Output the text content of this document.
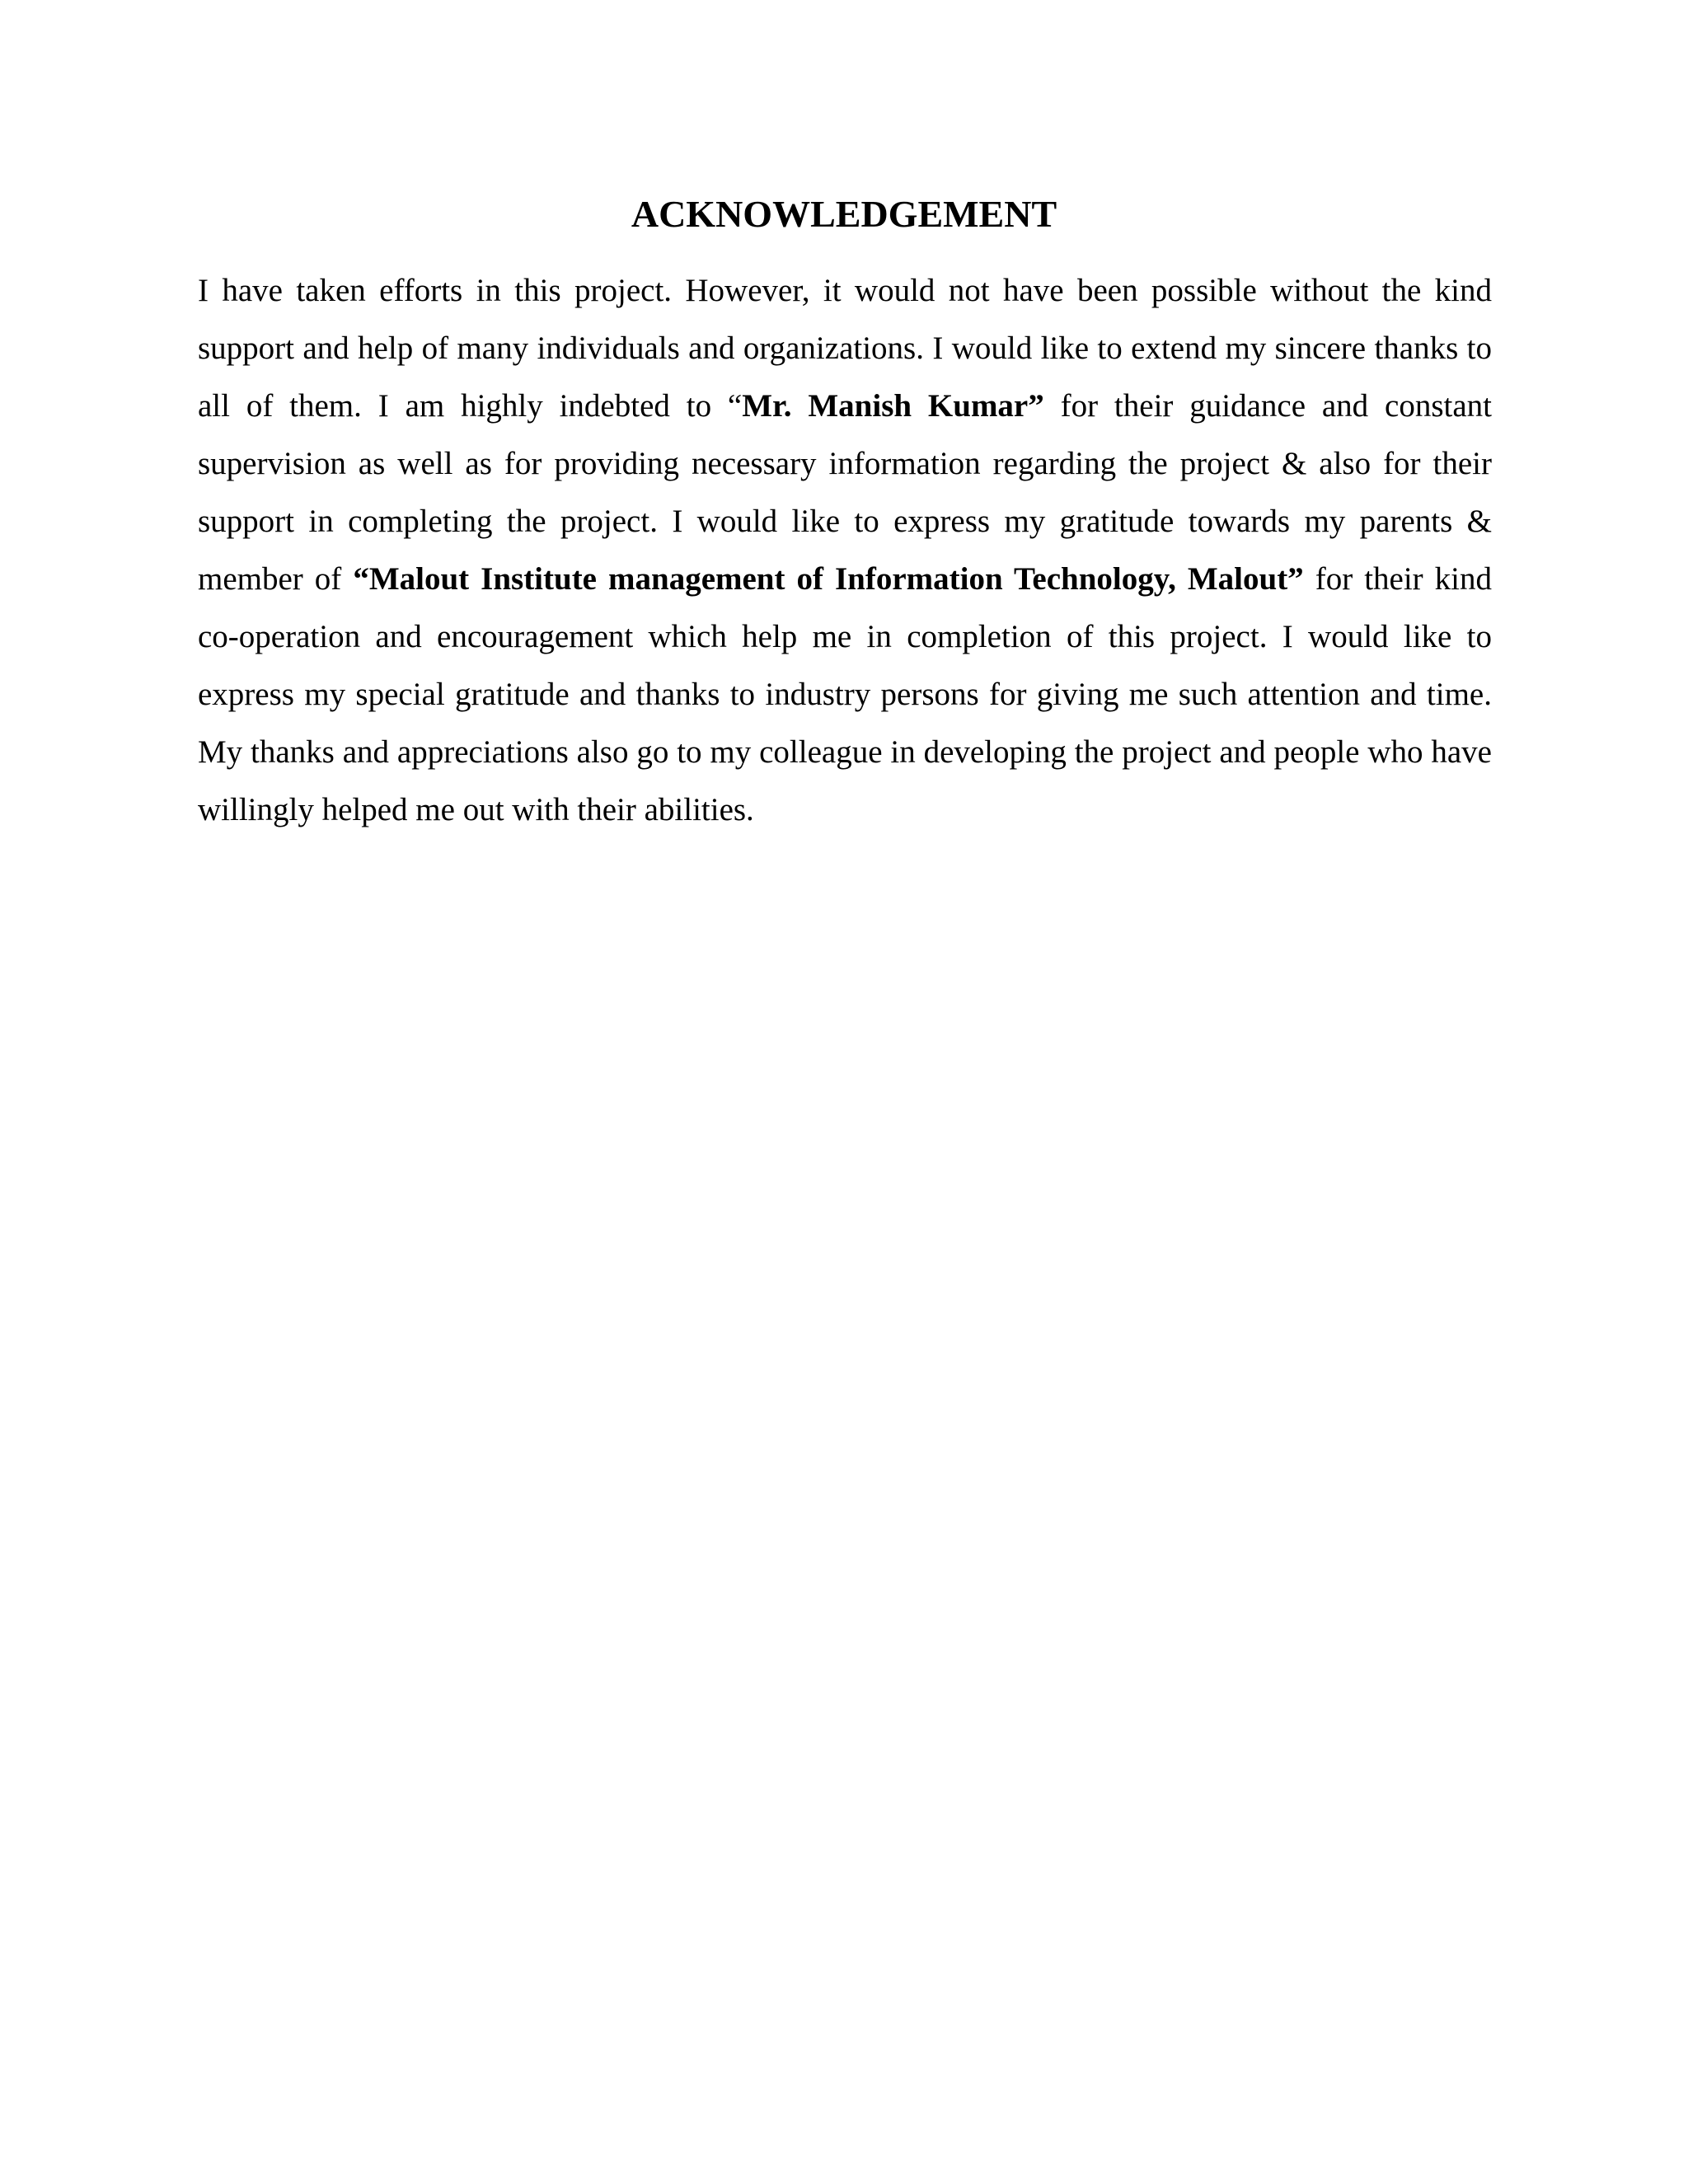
ACKNOWLEDGEMENT

I have taken efforts in this project. However, it would not have been possible without the kind support and help of many individuals and organizations. I would like to extend my sincere thanks to all of them. I am highly indebted to “Mr. Manish Kumar” for their guidance and constant supervision as well as for providing necessary information regarding the project & also for their support in completing the project. I would like to express my gratitude towards my parents & member of “Malout Institute management of Information Technology, Malout” for their kind co-operation and encouragement which help me in completion of this project. I would like to express my special gratitude and thanks to industry persons for giving me such attention and time. My thanks and appreciations also go to my colleague in developing the project and people who have willingly helped me out with their abilities.
